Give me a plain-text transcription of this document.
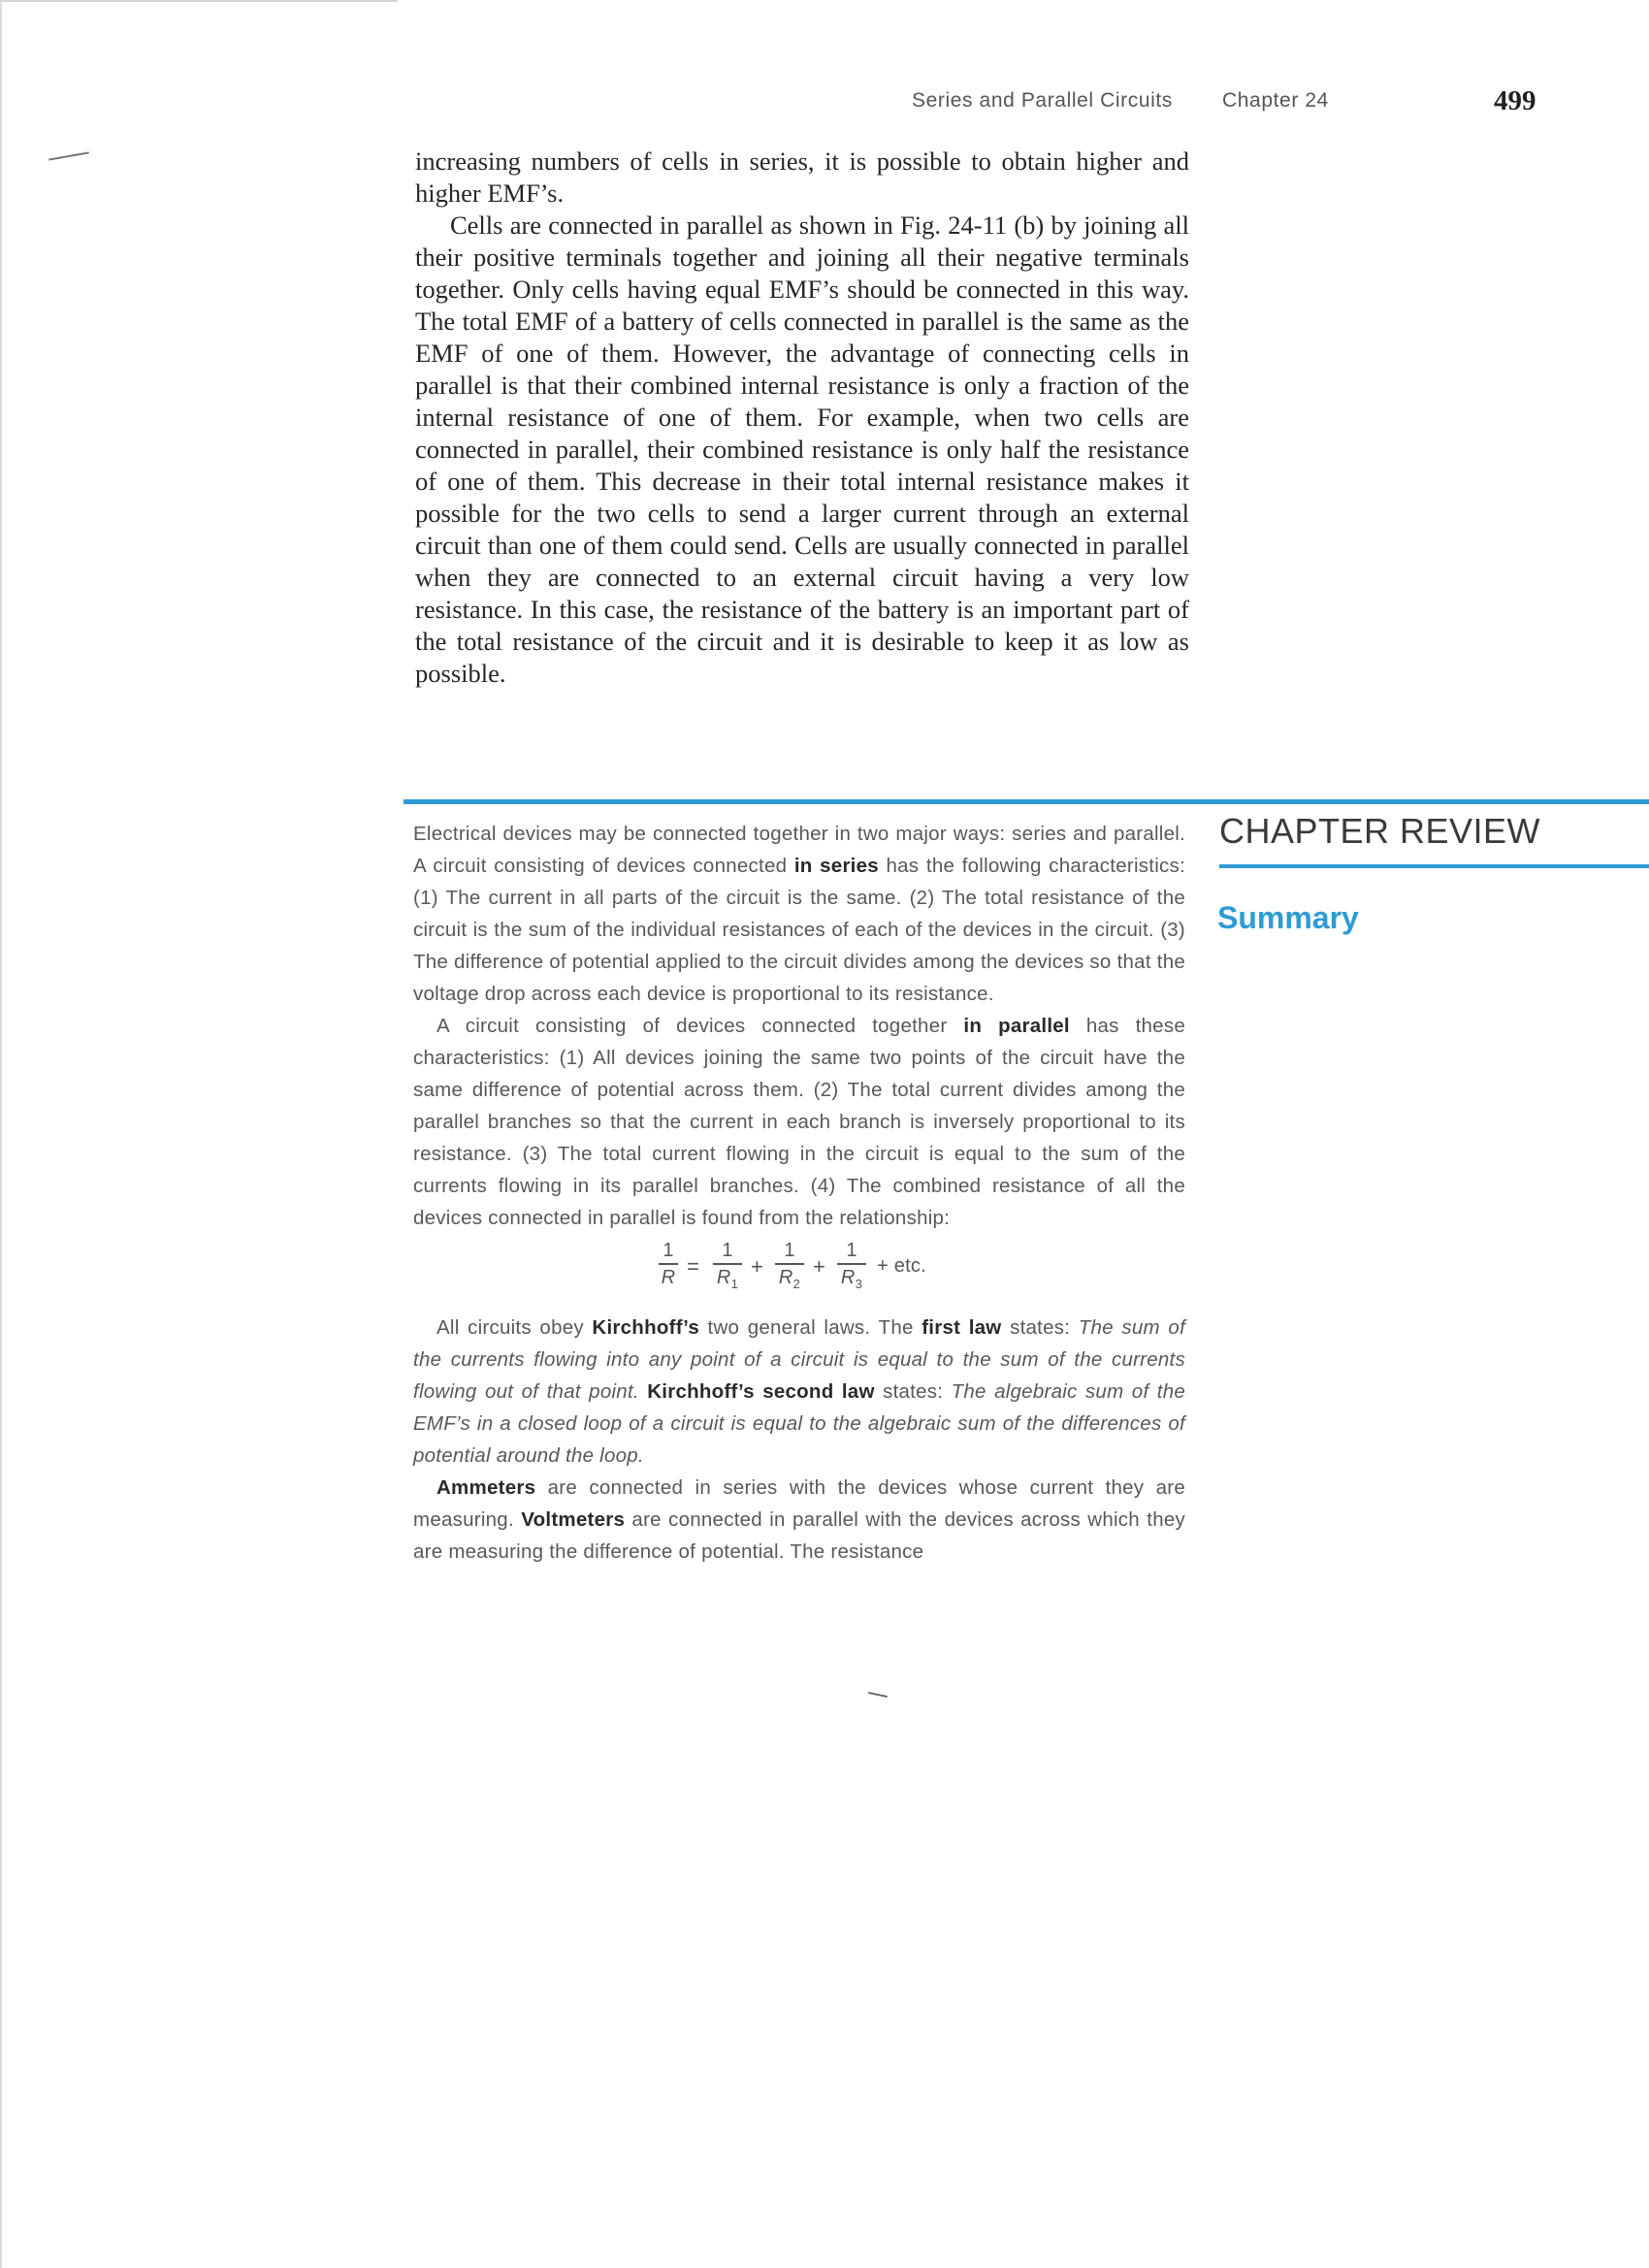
Series and Parallel Circuits Chapter 24	499

increasing numbers of cells in series, it is possible to obtain higher and higher EMF’s.

Cells are connected in parallel as shown in Fig. 24-11 (b) by joining all their positive terminals together and joining all their negative terminals together. Only cells having equal EMF’s should be connected in this way. The total EMF of a battery of cells connected in parallel is the same as the EMF of one of them. However, the advantage of connecting cells in parallel is that their combined internal resistance is only a fraction of the internal resistance of one of them. For example, when two cells are connected in parallel, their combined resistance is only half the resistance of one of them. This decrease in their total internal resistance makes it possible for the two cells to send a larger current through an external circuit than one of them could send. Cells are usually connected in parallel when they are connected to an external circuit having a very low resistance. In this case, the resistance of the battery is an important part of the total resistance of the circuit and it is desirable to keep it as low as possible.

CHAPTER REVIEW
Summary

Electrical devices may be connected together in two major ways: series and parallel. A circuit consisting of devices connected in series has the following characteristics: (1) The current in all parts of the circuit is the same. (2) The total resistance of the circuit is the sum of the individual resistances of each of the devices in the circuit. (3) The difference of potential applied to the circuit divides among the devices so that the voltage drop across each device is proportional to its resistance.

A circuit consisting of devices connected together in parallel has these characteristics: (1) All devices joining the same two points of the circuit have the same difference of potential across them. (2) The total current divides among the parallel branches so that the current in each branch is inversely proportional to its resistance. (3) The total current flowing in the circuit is equal to the sum of the currents flowing in its parallel branches. (4) The combined resistance of all the devices connected in parallel is found from the relationship:

1
R =
1
$R_1$
+
1
$R_2$
+
1
$R_3$
+ etc.

All circuits obey Kirchhoff’s two general laws. The first law states: The sum of the currents flowing into any point of a circuit is equal to the sum of the currents flowing out of that point. Kirchhoff’s second law states: The algebraic sum of the EMF’s in a closed loop of a circuit is equal to the algebraic sum of the differences of potential around the loop.

Ammeters are connected in series with the devices whose current they are measuring. Voltmeters are connected in parallel with the devices across which they are measuring the difference of potential. The resistance
